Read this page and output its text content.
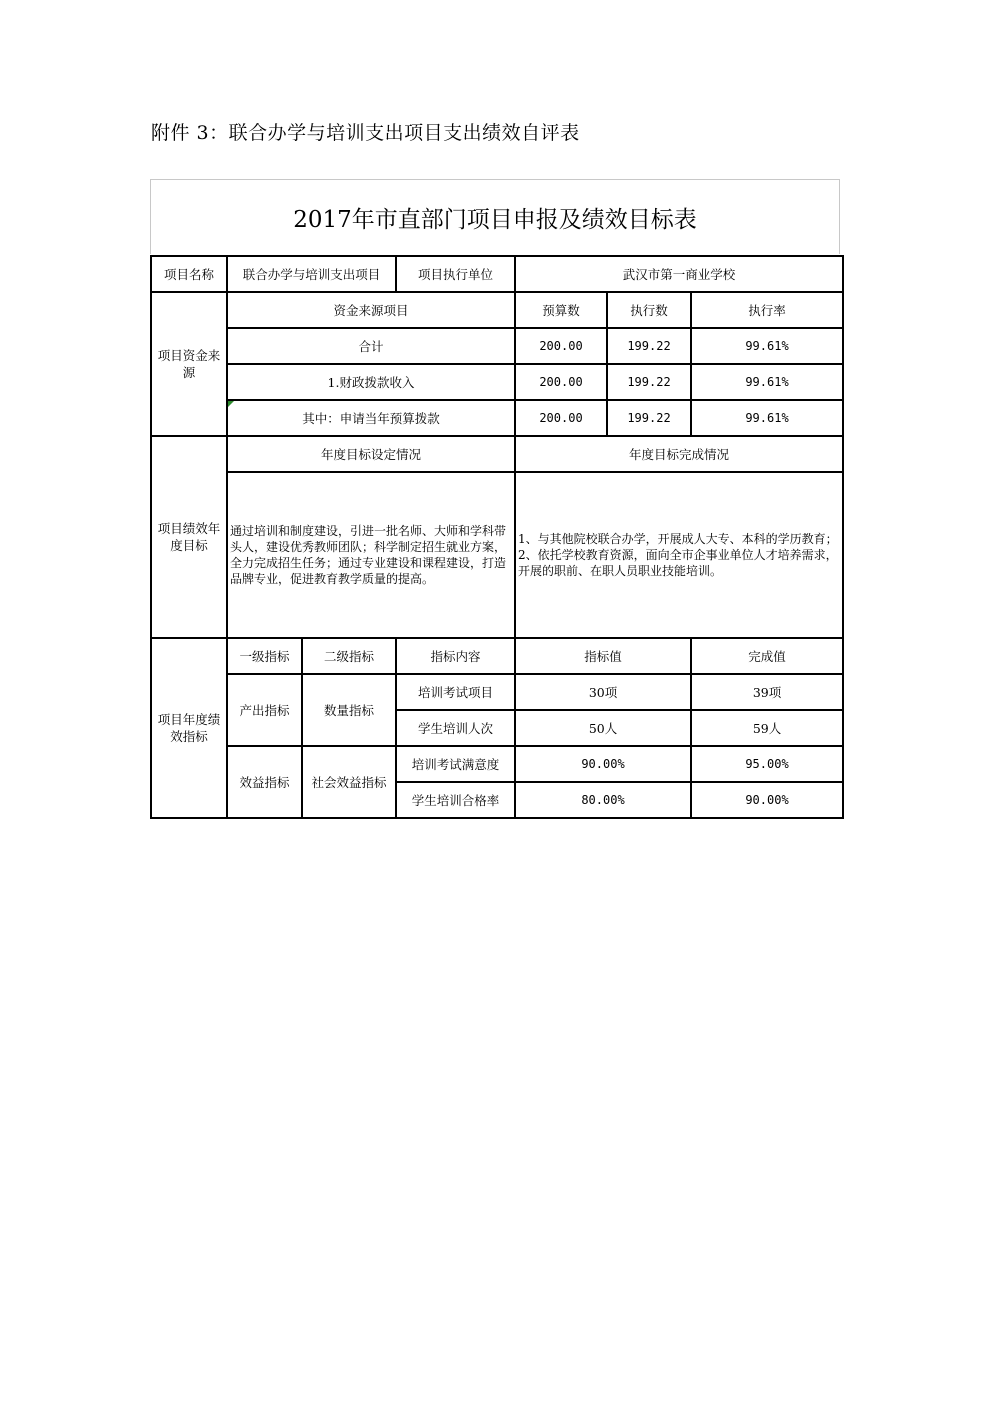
附件 3：联合办学与培训支出项目支出绩效自评表
2017年市直部门项目申报及绩效目标表
项目名称	联合办学与培训支出项目		项目执行单位	武汉市第一商业学校		
项目资金来源	资金来源项目			预算数	执行数	执行率
	合计			200.00	199.22	99.61%
	1.财政拨款收入			200.00	199.22	99.61%

其中：申请当年预算拨款			200.00	199.22	99.61%
项目绩效年度目标	年度目标设定情况			年度目标完成情况		
	通过培训和制度建设，引进一批名师、大师和学科带头人，建设优秀教师团队；科学制定招生就业方案，全力完成招生任务；通过专业建设和课程建设，打造品牌专业，促进教育教学质量的提高。			1、与其他院校联合办学，开展成人大专、本科的学历教育；
2、依托学校教育资源，面向全市企事业单位人才培养需求，开展的职前、在职人员职业技能培训。		

项目年度绩效指标	一级指标	二级指标	指标内容	指标值		完成值
	产出指标	数量指标	培训考试项目	30项		39项
			学生培训人次	50人		59人
	效益指标	社会效益指标	培训考试满意度	90.00%		95.00%
			学生培训合格率	80.00%		90.00%
